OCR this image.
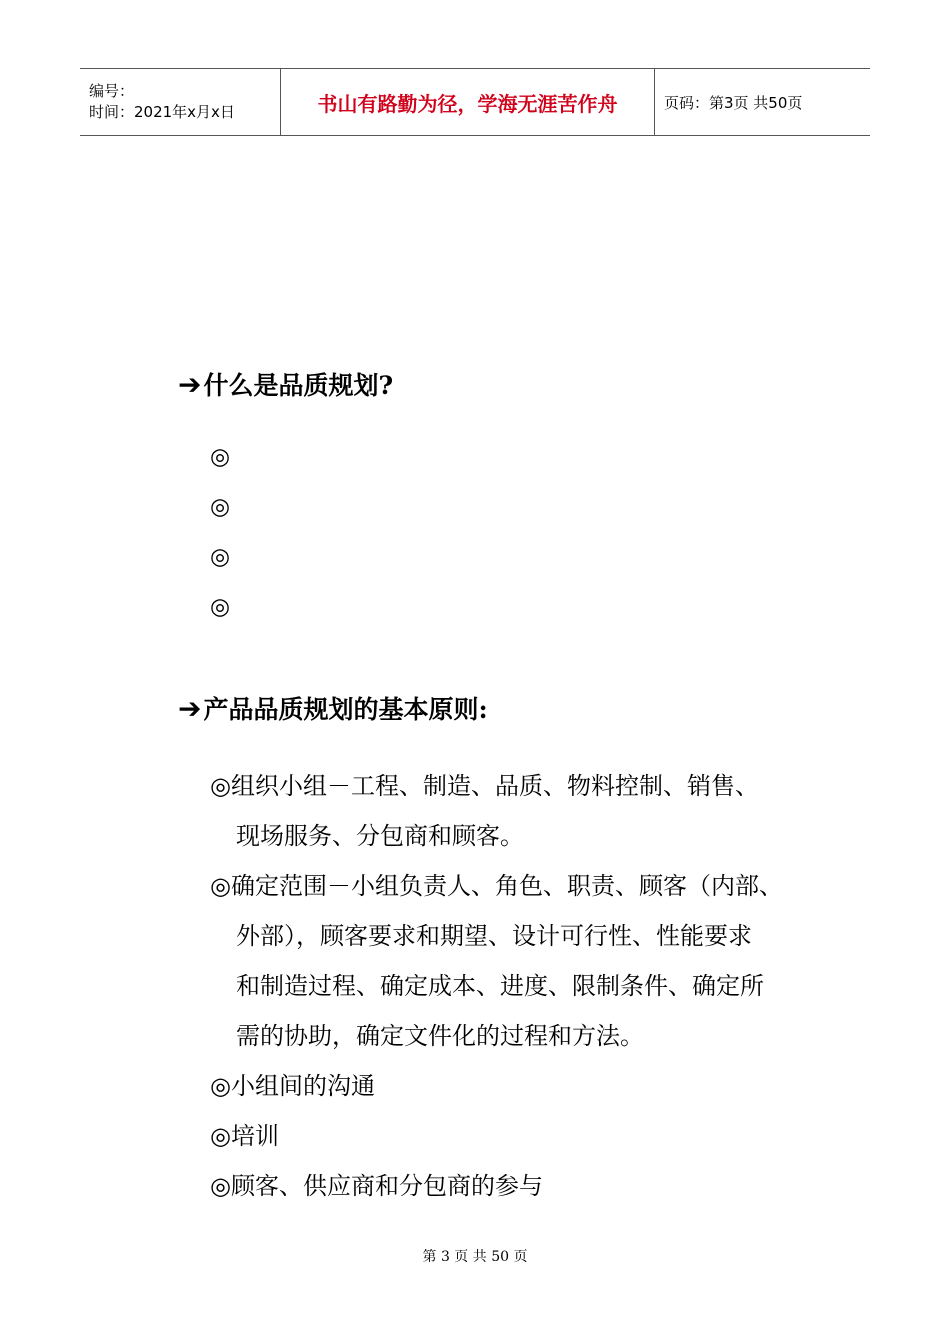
编号：
时间：2021年x月x日	书山有路勤为径，学海无涯苦作舟	页码：第3页 共50页
➔ 什么是品质规划?
◎
◎
◎
◎
➔ 产品品质规划的基本原则:
◎组织小组－工程、制造、品质、物料控制、销售、
现场服务、分包商和顾客。
◎确定范围－小组负责人、角色、职责、顾客（内部、
外部），顾客要求和期望、设计可行性、性能要求
和制造过程、确定成本、进度、限制条件、确定所
需的协助，确定文件化的过程和方法。
◎小组间的沟通
◎培训
◎顾客、供应商和分包商的参与
第 3 页 共 50 页
